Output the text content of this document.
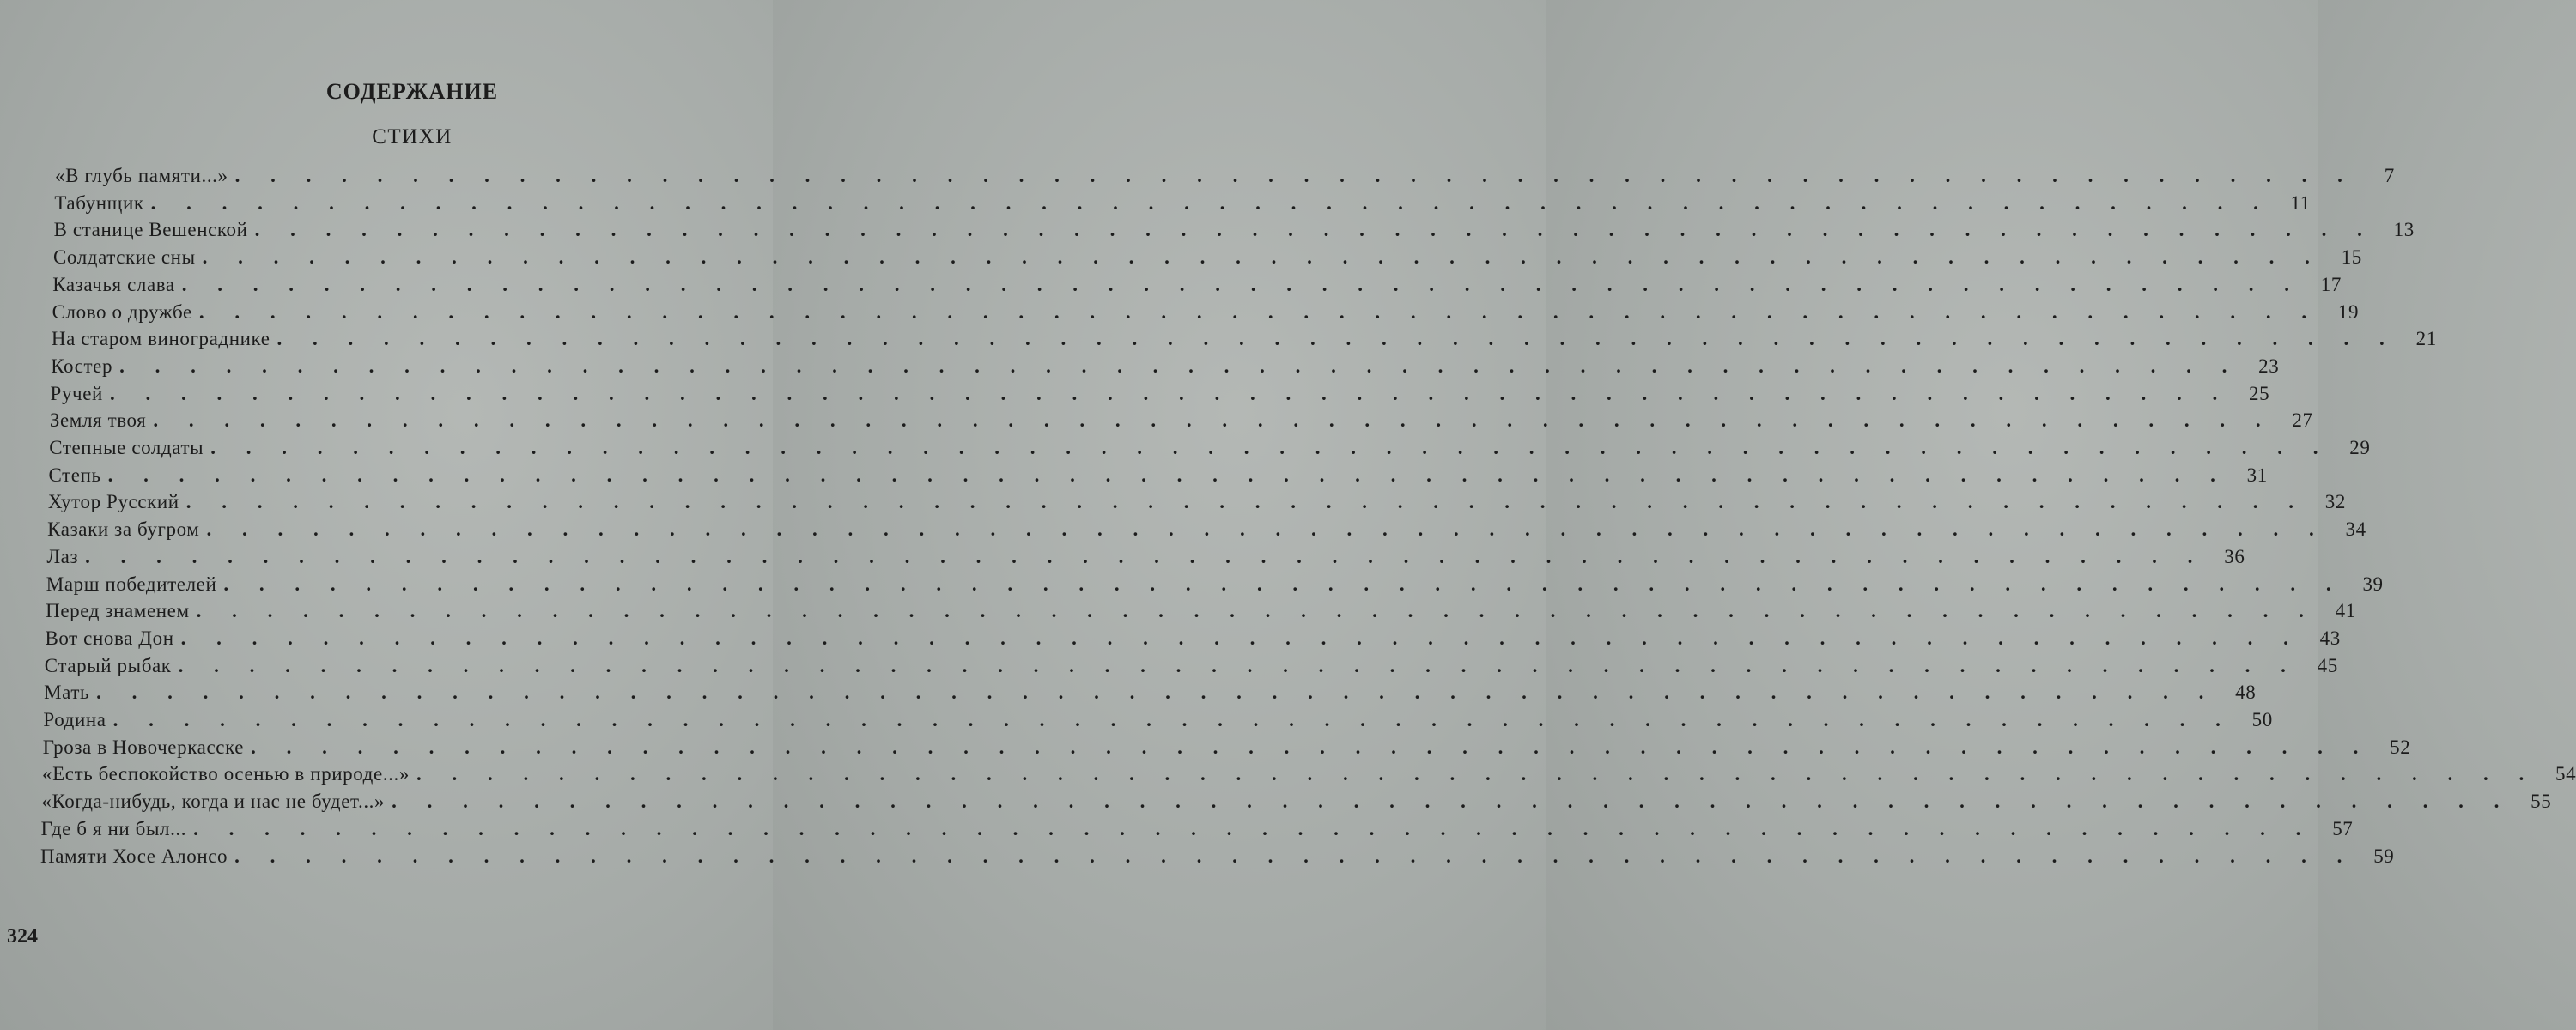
СОДЕРЖАНИЕ
СТИХИ
«В глубь памяти...» . . . . . . . . . . . . . . . . . . . . . . . . . . . . . . . . . . . . . . . . . . . . . . . . . . . . . . . . . . . .	7
Табунщик . . . . . . . . . . . . . . . . . . . . . . . . . . . . . . . . . . . . . . . . . . . . . . . . . . . . . . . . . . . . 11
В станице Вешенской . . . . . . . . . . . . . . . . . . . . . . . . . . . . . . . . . . . . . . . . . . . . . . . . . . . . . . . . . . . . 13
Солдатские сны . . . . . . . . . . . . . . . . . . . . . . . . . . . . . . . . . . . . . . . . . . . . . . . . . . . . . . . . . . . . 15
Казачья слава . . . . . . . . . . . . . . . . . . . . . . . . . . . . . . . . . . . . . . . . . . . . . . . . . . . . . . . . . . . . 17
Слово о дружбе . . . . . . . . . . . . . . . . . . . . . . . . . . . . . . . . . . . . . . . . . . . . . . . . . . . . . . . . . . . . 19
На старом винограднике . . . . . . . . . . . . . . . . . . . . . . . . . . . . . . . . . . . . . . . . . . . . . . . . . . . . . . . . . . . . 21
Костер . . . . . . . . . . . . . . . . . . . . . . . . . . . . . . . . . . . . . . . . . . . . . . . . . . . . . . . . . . . . 23
Ручей . . . . . . . . . . . . . . . . . . . . . . . . . . . . . . . . . . . . . . . . . . . . . . . . . . . . . . . . . . . . 25
Земля твоя . . . . . . . . . . . . . . . . . . . . . . . . . . . . . . . . . . . . . . . . . . . . . . . . . . . . . . . . . . . . 27
Степные солдаты . . . . . . . . . . . . . . . . . . . . . . . . . . . . . . . . . . . . . . . . . . . . . . . . . . . . . . . . . . . . 29
Степь . . . . . . . . . . . . . . . . . . . . . . . . . . . . . . . . . . . . . . . . . . . . . . . . . . . . . . . . . . . . 31
Хутор Русский . . . . . . . . . . . . . . . . . . . . . . . . . . . . . . . . . . . . . . . . . . . . . . . . . . . . . . . . . . . . 32
Казаки за бугром . . . . . . . . . . . . . . . . . . . . . . . . . . . . . . . . . . . . . . . . . . . . . . . . . . . . . . . . . . . . 34
Лаз . . . . . . . . . . . . . . . . . . . . . . . . . . . . . . . . . . . . . . . . . . . . . . . . . . . . . . . . . . . . 36
Марш победителей . . . . . . . . . . . . . . . . . . . . . . . . . . . . . . . . . . . . . . . . . . . . . . . . . . . . . . . . . . . . 39
Перед знаменем . . . . . . . . . . . . . . . . . . . . . . . . . . . . . . . . . . . . . . . . . . . . . . . . . . . . . . . . . . . . 41
Вот снова Дон . . . . . . . . . . . . . . . . . . . . . . . . . . . . . . . . . . . . . . . . . . . . . . . . . . . . . . . . . . . . 43
Старый рыбак . . . . . . . . . . . . . . . . . . . . . . . . . . . . . . . . . . . . . . . . . . . . . . . . . . . . . . . . . . . . 45
Мать . . . . . . . . . . . . . . . . . . . . . . . . . . . . . . . . . . . . . . . . . . . . . . . . . . . . . . . . . . . . 48
Родина . . . . . . . . . . . . . . . . . . . . . . . . . . . . . . . . . . . . . . . . . . . . . . . . . . . . . . . . . . . . 50
Гроза в Новочеркасске . . . . . . . . . . . . . . . . . . . . . . . . . . . . . . . . . . . . . . . . . . . . . . . . . . . . . . . . . . . . 52
«Есть беспокойство осенью в природе...» . . . . . . . . . . . . . . . . . . . . . . . . . . . . . . . . . . . . . . . . . . . . . . . . . . . . . . . . . . . . 54
«Когда-нибудь, когда и нас не будет...» . . . . . . . . . . . . . . . . . . . . . . . . . . . . . . . . . . . . . . . . . . . . . . . . . . . . . . . . . . . . 55
Где б я ни был... . . . . . . . . . . . . . . . . . . . . . . . . . . . . . . . . . . . . . . . . . . . . . . . . . . . . . . . . . . . . 57
Памяти Хосе Алонсо . . . . . . . . . . . . . . . . . . . . . . . . . . . . . . . . . . . . . . . . . . . . . . . . . . . . . . . . . . . . 59
324
